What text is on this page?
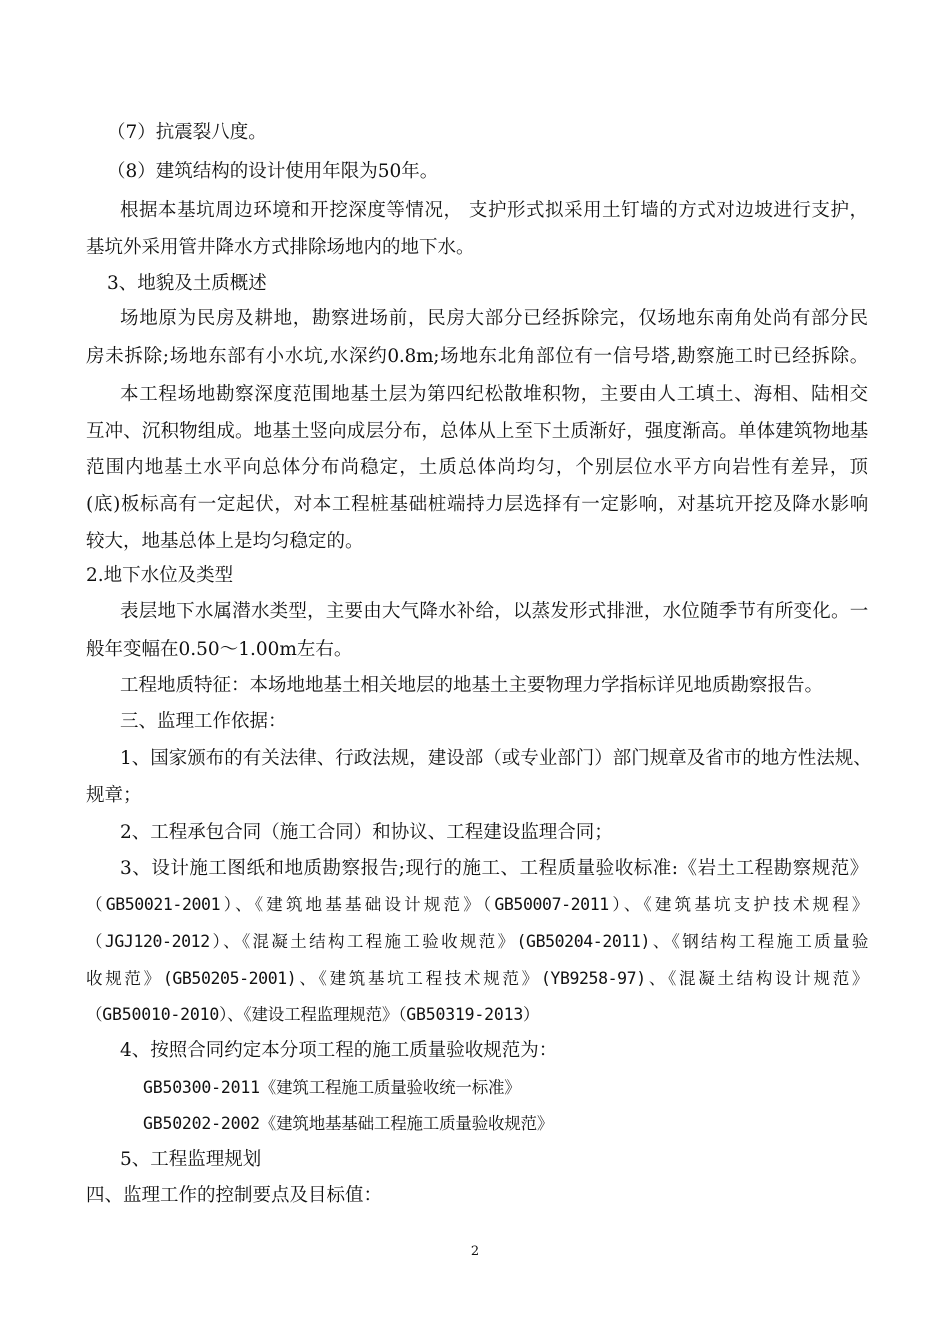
（7）抗震裂八度。
（8）建筑结构的设计使用年限为50年。
根据本基坑周边环境和开挖深度等情况， 支护形式拟采用土钉墙的方式对边坡进行支护，
基坑外采用管井降水方式排除场地内的地下水。
3、地貌及土质概述
场地原为民房及耕地，勘察进场前，民房大部分已经拆除完，仅场地东南角处尚有部分民
房未拆除;场地东部有小水坑,水深约0.8m;场地东北角部位有一信号塔,勘察施工时已经拆除。
本工程场地勘察深度范围地基土层为第四纪松散堆积物，主要由人工填土、海相、陆相交
互冲、沉积物组成。地基土竖向成层分布，总体从上至下土质渐好，强度渐高。单体建筑物地基
范围内地基土水平向总体分布尚稳定，土质总体尚均匀，个别层位水平方向岩性有差异，顶
(底)板标高有一定起伏，对本工程桩基础桩端持力层选择有一定影响，对基坑开挖及降水影响
较大，地基总体上是均匀稳定的。
2.地下水位及类型
表层地下水属潜水类型，主要由大气降水补给，以蒸发形式排泄，水位随季节有所变化。一
般年变幅在0.50～1.00m左右。
工程地质特征：本场地地基土相关地层的地基土主要物理力学指标详见地质勘察报告。
三、监理工作依据：
1、国家颁布的有关法律、行政法规，建设部（或专业部门）部门规章及省市的地方性法规、
规章；
2、工程承包合同（施工合同）和协议、工程建设监理合同；
3、设计施工图纸和地质勘察报告;现行的施工、工程质量验收标准:《岩土工程勘察规范》
（GB50021-2001）、《建筑地基基础设计规范》（GB50007-2011）、《建筑基坑支护技术规程》
（JGJ120-2012）、《混凝土结构工程施工验收规范》(GB50204-2011)、《钢结构工程施工质量验
收规范》(GB50205-2001)、《建筑基坑工程技术规范》(YB9258-97)、《混凝土结构设计规范》
（GB50010-2010）、《建设工程监理规范》（GB50319-2013）
4、按照合同约定本分项工程的施工质量验收规范为：
GB50300-2011《建筑工程施工质量验收统一标准》
GB50202-2002《建筑地基基础工程施工质量验收规范》
5、工程监理规划
四、监理工作的控制要点及目标值：
2
